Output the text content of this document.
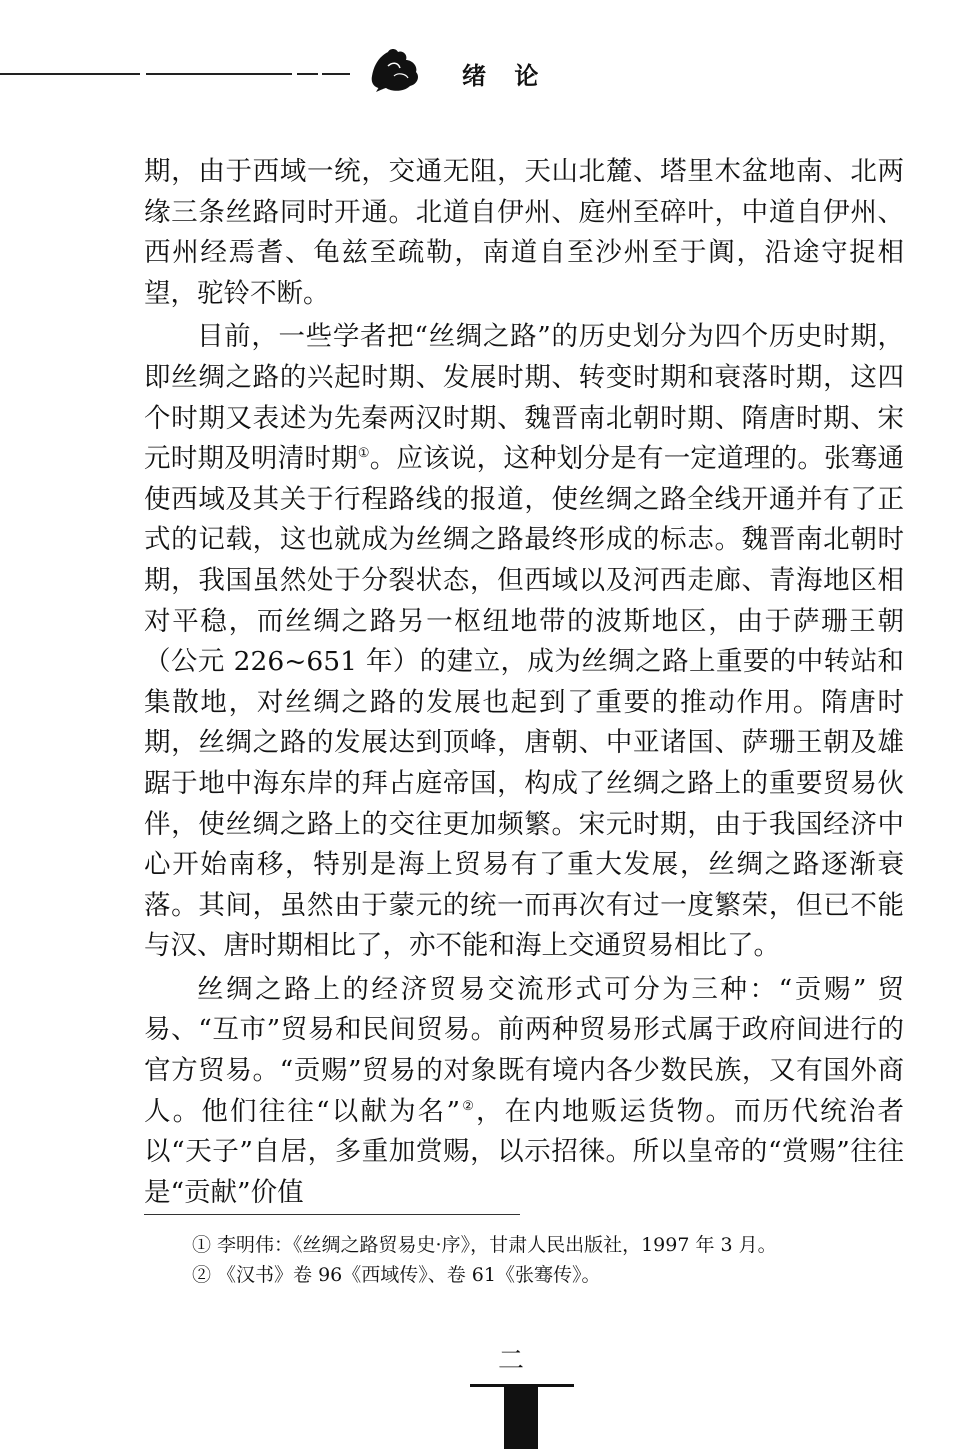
绪 论

期，由于西域一统，交通无阻，天山北麓、塔里木盆地南、北两缘三条丝路同时开通。北道自伊州、庭州至碎叶，中道自伊州、西州经焉耆、龟兹至疏勒，南道自至沙州至于阗，沿途守捉相望，驼铃不断。

目前，一些学者把“丝绸之路”的历史划分为四个历史时期，即丝绸之路的兴起时期、发展时期、转变时期和衰落时期，这四个时期又表述为先秦两汉时期、魏晋南北朝时期、隋唐时期、宋元时期及明清时期①。应该说，这种划分是有一定道理的。张骞通使西域及其关于行程路线的报道，使丝绸之路全线开通并有了正式的记载，这也就成为丝绸之路最终形成的标志。魏晋南北朝时期，我国虽然处于分裂状态，但西域以及河西走廊、青海地区相对平稳，而丝绸之路另一枢纽地带的波斯地区，由于萨珊王朝（公元 226~651 年）的建立，成为丝绸之路上重要的中转站和集散地，对丝绸之路的发展也起到了重要的推动作用。隋唐时期，丝绸之路的发展达到顶峰，唐朝、中亚诸国、萨珊王朝及雄踞于地中海东岸的拜占庭帝国，构成了丝绸之路上的重要贸易伙伴，使丝绸之路上的交往更加频繁。宋元时期，由于我国经济中心开始南移，特别是海上贸易有了重大发展，丝绸之路逐渐衰落。其间，虽然由于蒙元的统一而再次有过一度繁荣，但已不能与汉、唐时期相比了，亦不能和海上交通贸易相比了。

丝绸之路上的经济贸易交流形式可分为三种：“贡赐” 贸易、“互市”贸易和民间贸易。前两种贸易形式属于政府间进行的官方贸易。“贡赐”贸易的对象既有境内各少数民族，又有国外商人。他们往往“以献为名”②，在内地贩运货物。而历代统治者以“天子”自居，多重加赏赐，以示招徕。所以皇帝的“赏赐”往往是“贡献”价值

① 李明伟：《丝绸之路贸易史·序》，甘肃人民出版社，1997 年 3 月。
② 《汉书》卷 96《西域传》、卷 61《张骞传》。
二
